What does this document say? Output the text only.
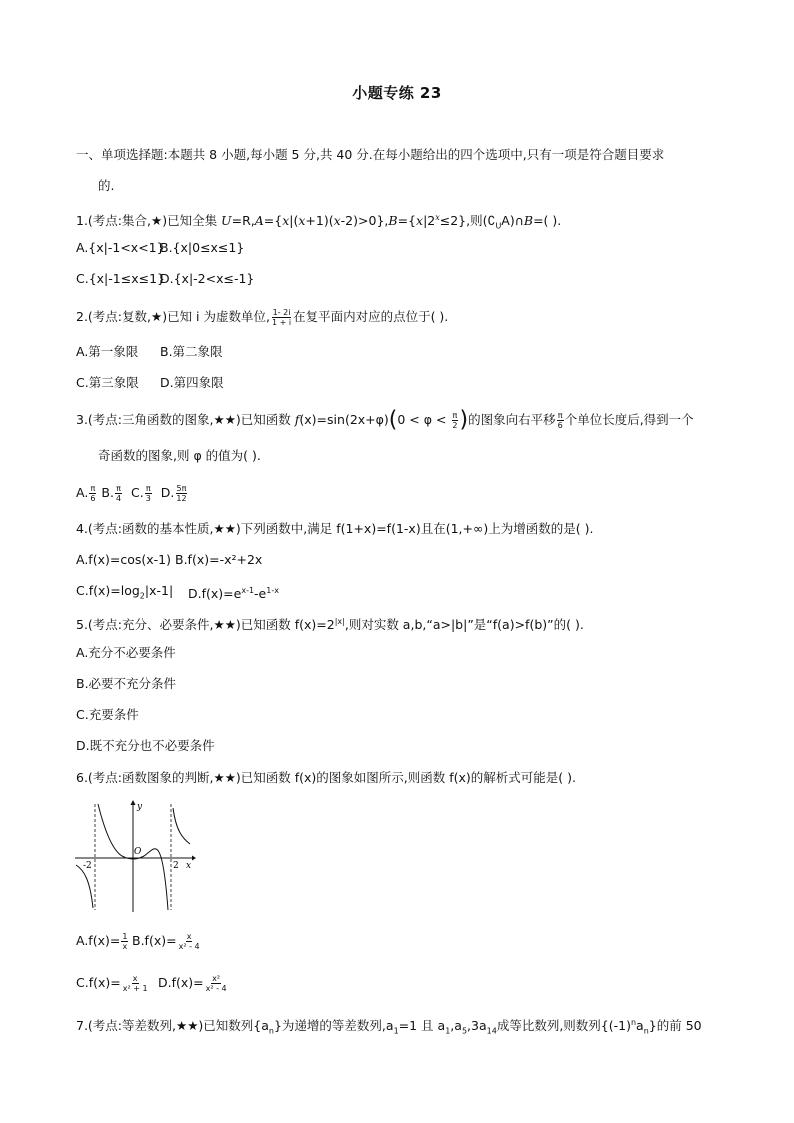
小题专练 23
一、单项选择题:本题共 8 小题,每小题 5 分,共 40 分.在每小题给出的四个选项中,只有一项是符合题目要求
的.
1.(考点:集合,★)已知全集 $U=R,A=\{x|(x+1)(x-2)>0\},B=\{x|2^x\le 2\}$,则$(∁_UA)\cap B=$( ).
A.{x|-1<x<1}
B.{x|0≤x≤1}
C.{x|-1≤x≤1}
D.{x|-2<x≤-1}
2.(考点:复数,★)已知 i 为虚数单位, $\frac{1- 2i}{1 + i}$ 在复平面内对应的点位于( ).
A.第一象限 B.第二象限
C.第三象限 D.第四象限
3.(考点:三角函数的图象,★★)已知函数 $f(x)=\sin(2x+\varphi)(0 < \varphi < \frac{\pi}{2}$ )的图象向右平移 $\frac{\pi}{6}$ 个单位长度后,得到一个
奇函数的图象,则 φ 的值为( ).
A. $\frac{\pi}{6} B$. $\frac{\pi}{4} C$. $\frac{\pi}{3} D$. $\frac{5\pi}{12}$
4.(考点:函数的基本性质,★★)下列函数中,满足 f(1+x)=f(1-x)且在(1,+∞)上为增函数的是( ).
A.f(x)=cos(x-1) B.f(x)=-x²+2x
$C.f(x)=\log_2|x-1|$ $D.f(x)=e^{x-1}-e^{1-x}$
5.(考点:充分、必要条件,★★)已知函数 $f(x)=2^{|x|}$,则对实数 a,b,“a>|b|”是“f(a)>f(b)”的( ).
A.充分不必要条件
B.必要不充分条件
C.充要条件
D.既不充分也不必要条件
6.(考点:函数图象的判断,★★)已知函数 f(x)的图象如图所示,则函数 f(x)的解析式可能是( ).
y
O
x
-2	2
$A.f(x)= \frac{1}{x} B.f(x)= \frac{x}{\text{x² - 4}}$
$C.f(x)= \frac{x}{\text{x² + 1}} D.f(x)= \frac{\text{x²}}{\text{x² - 4}}$
7.(考点:等差数列,★★)已知数列$\{a_n\}$为递增的等差数列$,a_1=1$ 且 $a_1,a_5,3a_{14}$成等比数列,则数列$\{(-1)^na_n\}$的前 50
